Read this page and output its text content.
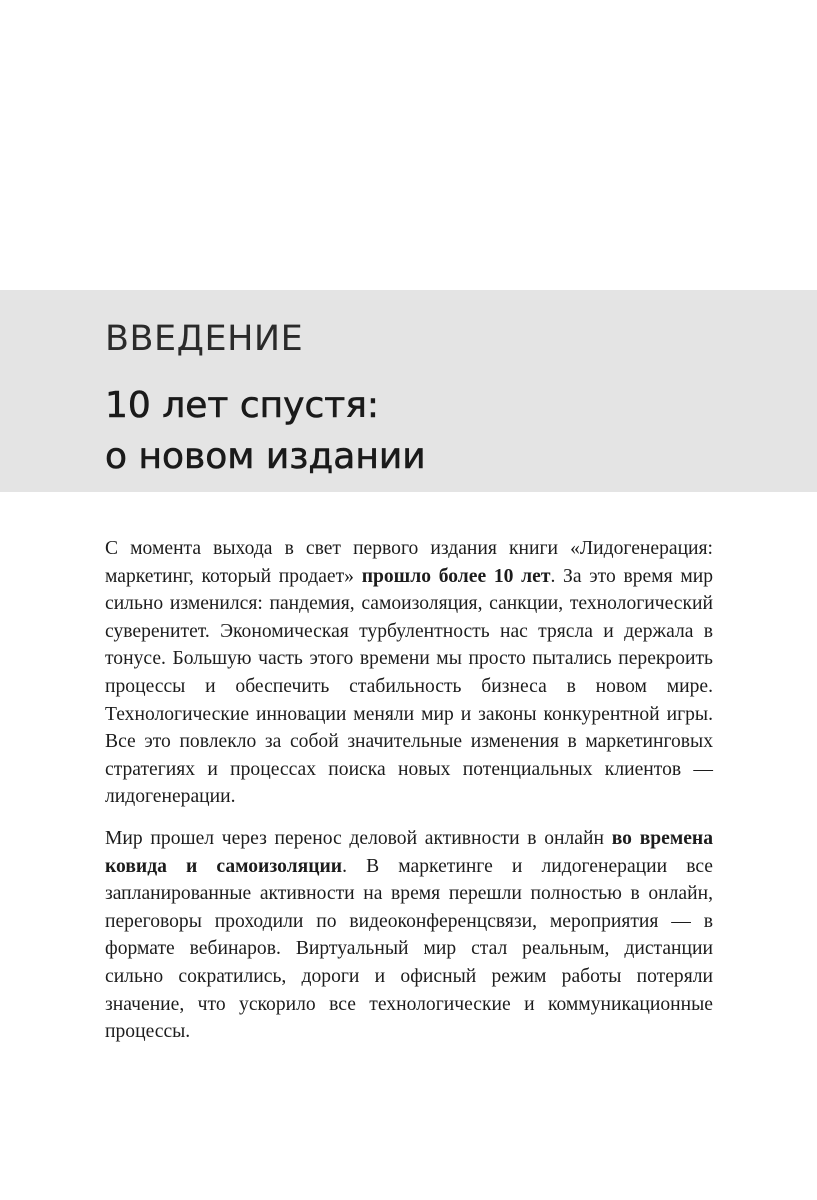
ВВЕДЕНИЕ
10 лет спустя:
о новом издании

С момента выхода в свет первого издания книги «Лидогенерация: маркетинг, который продает» прошло более 10 лет. За это время мир сильно изменился: пандемия, самоизоляция, санкции, технологический суверенитет. Экономическая турбулентность нас трясла и держала в тонусе. Большую часть этого времени мы просто пытались перекроить процессы и обеспечить стабильность бизнеса в новом мире. Технологические инновации меняли мир и законы конкурентной игры. Все это повлекло за собой значительные изменения в маркетинговых стратегиях и процессах поиска новых потенциальных клиентов — лидогенерации.

Мир прошел через перенос деловой активности в онлайн во времена ковида и самоизоляции. В маркетинге и лидогенерации все запланированные активности на время перешли полностью в онлайн, переговоры проходили по видеоконференцсвязи, мероприятия — в формате вебинаров. Виртуальный мир стал реальным, дистанции сильно сократились, дороги и офисный режим работы потеряли значение, что ускорило все технологические и коммуникационные процессы.
